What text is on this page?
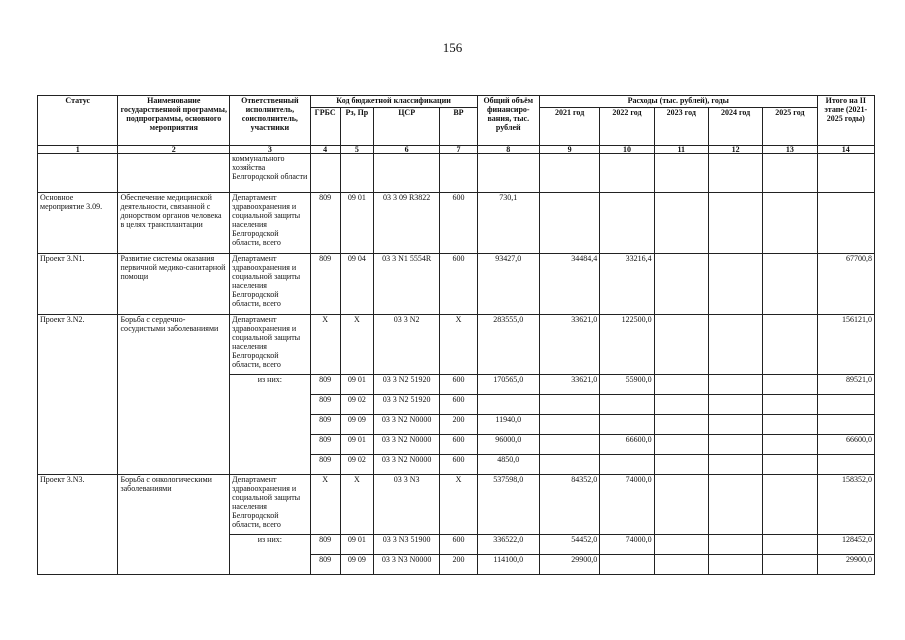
156
Статус	Наименование государственной программы, подпрограммы, основного мероприятия	Ответственный исполнитель, соисполнитель, участники	Код бюджетной классификации				Общий объём финансиро-вания, тыс. рублей	Расходы (тыс. рублей), годы					Итого на II этапе (2021-2025 годы)
			ГРБС	Рз, Пр	ЦСР	ВР		2021 год	2022 год	2023 год	2024 год	2025 год	
1	2	3	4	5	6	7	8	9	10	11	12	13	14
		коммунального хозяйства Белгородской области											
Основное мероприятие 3.09.	Обеспечение медицинской деятельности, связанной с донорством органов человека в целях трансплантации	Департамент здравоохранения и социальной защиты населения Белгородской области, всего	809	09 01	03 3 09 R3822	600	730,1						
Проект 3.N1.	Развитие системы оказания первичной медико-санитарной помощи	Департамент здравоохранения и социальной защиты населения Белгородской области, всего	809	09 04	03 3 N1 5554R	600	93427,0	34484,4	33216,4				67700,8
Проект 3.N2.	Борьба с сердечно-сосудистыми заболеваниями	Департамент здравоохранения и социальной защиты населения Белгородской области, всего	X	X	03 3 N2	X	283555,0	33621,0	122500,0				156121,0
		из них:	809	09 01	03 3 N2 51920	600	170565,0	33621,0	55900,0				89521,0
			809	09 02	03 3 N2 51920	600							
			809	09 09	03 3 N2 N0000	200	11940,0						
			809	09 01	03 3 N2 N0000	600	96000,0		66600,0				66600,0
			809	09 02	03 3 N2 N0000	600	4850,0						
Проект 3.N3.	Борьба с онкологическими заболеваниями	Департамент здравоохранения и социальной защиты населения Белгородской области, всего	X	X	03 3 N3	X	537598,0	84352,0	74000,0				158352,0
		из них:	809	09 01	03 3 N3 51900	600	336522,0	54452,0	74000,0				128452,0
			809	09 09	03 3 N3 N0000	200	114100,0	29900,0					29900,0
